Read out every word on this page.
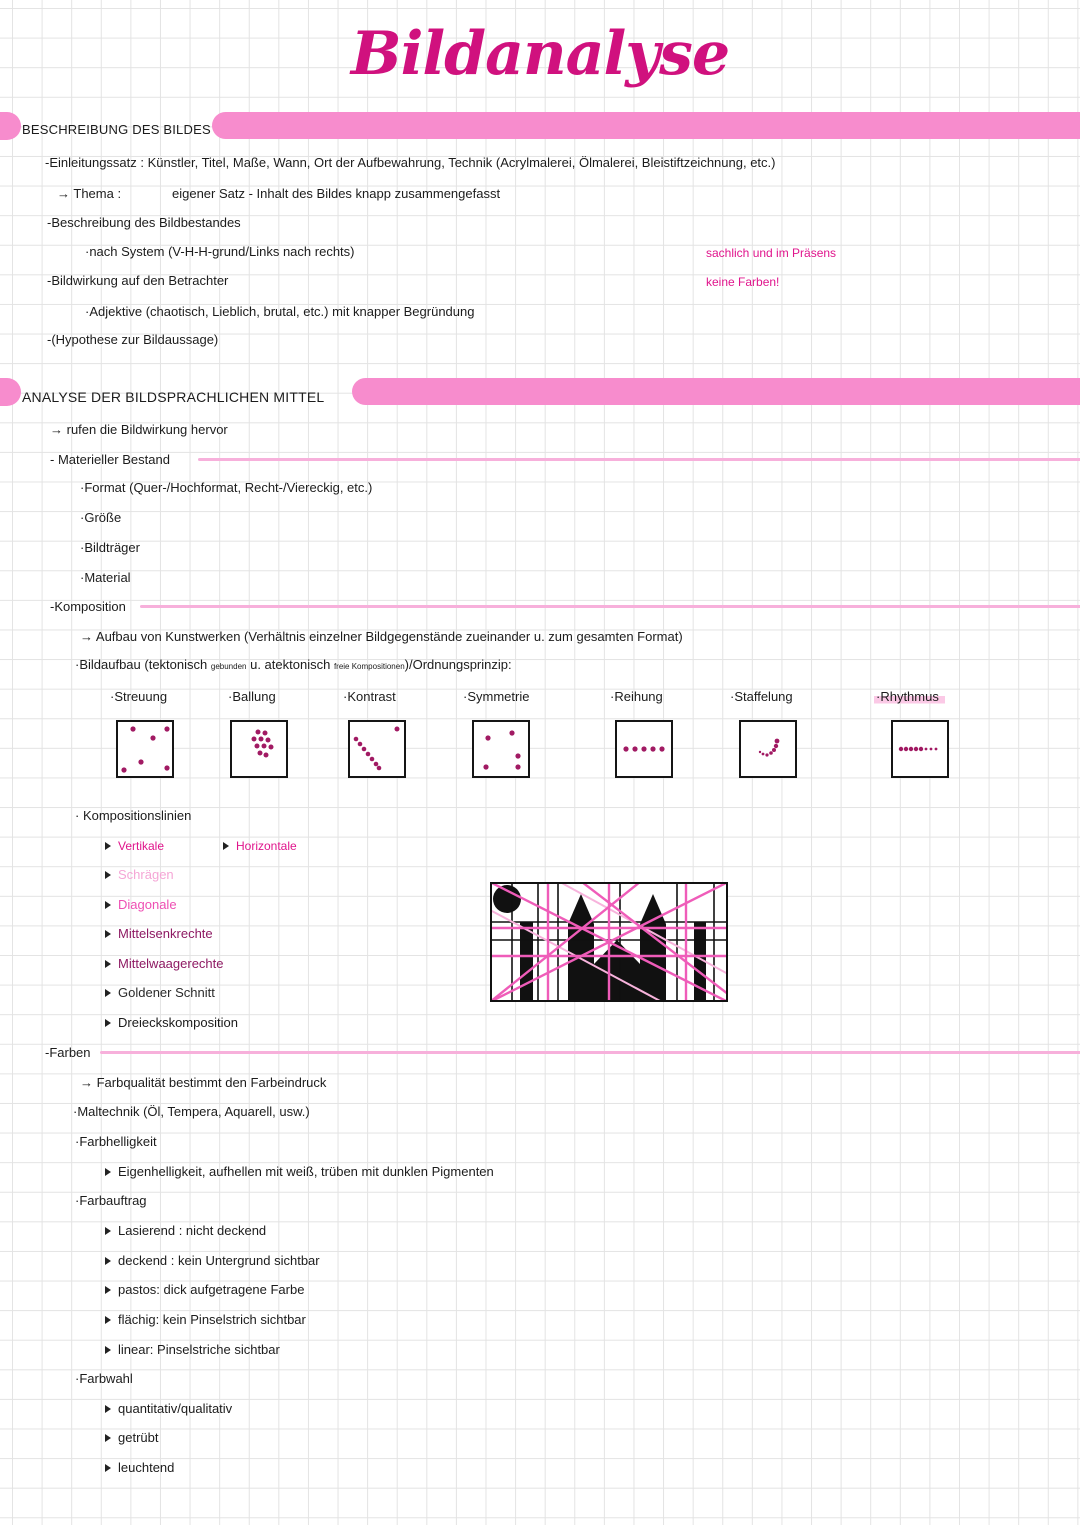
Bildanalyse
BESCHREIBUNG DES BILDES
-Einleitungssatz : Künstler, Titel, Maße, Wann, Ort der Aufbewahrung, Technik (Acrylmalerei, Ölmalerei, Bleistiftzeichnung, etc.)
→ Thema :	eigener Satz - Inhalt des Bildes knapp zusammengefasst
-Beschreibung des Bildbestandes
·nach System (V-H-H-grund/Links nach rechts)
-Bildwirkung auf den Betrachter
·Adjektive (chaotisch, Lieblich, brutal, etc.) mit knapper Begründung
-(Hypothese zur Bildaussage)
sachlich und im Präsens
keine Farben!
ANALYSE DER BILDSPRACHLICHEN MITTEL
→ rufen die Bildwirkung hervor
- Materieller Bestand
·Format (Quer-/Hochformat, Recht-/Viereckig, etc.)
·Größe
·Bildträger
·Material
-Komposition
→ Aufbau von Kunstwerken (Verhältnis einzelner Bildgegenstände zueinander u. zum gesamten Format)
·Bildaufbau (tektonisch gebunden u. atektonisch freie Kompositionen)/Ordnungsprinzip:
·Streuung	·Ballung	·Kontrast	·Symmetrie	·Reihung	·Staffelung	·Rhythmus
· Kompositionslinien
Vertikale	Horizontale
Schrägen
Diagonale
Mittelsenkrechte
Mittelwaagerechte
Goldener Schnitt
Dreieckskomposition
-Farben
→ Farbqualität bestimmt den Farbeindruck
·Maltechnik (Öl, Tempera, Aquarell, usw.)
·Farbhelligkeit
Eigenhelligkeit, aufhellen mit weiß, trüben mit dunklen Pigmenten
·Farbauftrag
Lasierend : nicht deckend
deckend : kein Untergrund sichtbar
pastos: dick aufgetragene Farbe
flächig: kein Pinselstrich sichtbar
linear: Pinselstriche sichtbar
·Farbwahl
quantitativ/qualitativ
getrübt
leuchtend
